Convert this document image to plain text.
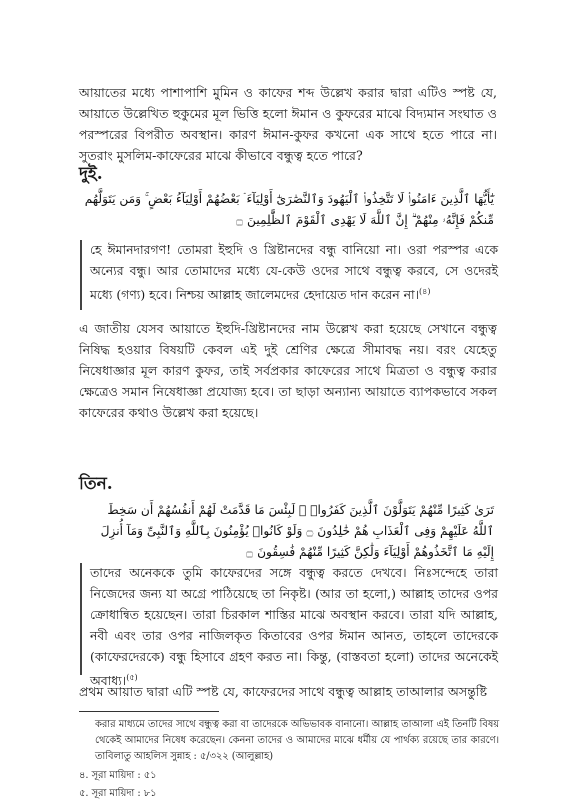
আয়াতের মধ্যে পাশাপাশি মুমিন ও কাফের শব্দ উল্লেখ করার দ্বারা এটিও স্পষ্ট যে, আয়াতে উল্লেখিত হুকুমের মূল ভিত্তি হলো ঈমান ও কুফরের মাঝে বিদ্যমান সংঘাত ও পরস্পরের বিপরীত অবস্থান। কারণ ঈমান-কুফর কখনো এক সাথে হতে পারে না। সুতরাং মুসলিম-কাফেরের মাঝে কীভাবে বন্ধুত্ব হতে পারে?

দুই.

يَٰٓأَيُّهَا ٱلَّذِينَ ءَامَنُوا۟ لَا تَتَّخِذُوا۟ ٱلْيَهُودَ وَٱلنَّصَٰرَىٰٓ أَوْلِيَآءَ ۘ بَعْضُهُمْ أَوْلِيَآءُ بَعْضٍ ۚ وَمَن يَتَوَلَّهُم مِّنكُمْ فَإِنَّهُۥ مِنْهُمْ ۗ إِنَّ ٱللَّهَ لَا يَهْدِى ٱلْقَوْمَ ٱلظَّٰلِمِينَ ۝

হে ঈমানদারগণ! তোমরা ইহুদি ও খ্রিষ্টানদের বন্ধু বানিয়ো না। ওরা পরস্পর একে অন্যের বন্ধু। আর তোমাদের মধ্যে যে-কেউ ওদের সাথে বন্ধুত্ব করবে, সে ওদেরই মধ্যে (গণ্য) হবে। নিশ্চয় আল্লাহ জালেমদের হেদায়েত দান করেন না।$^{(৪)}$

এ জাতীয় যেসব আয়াতে ইহুদি-খ্রিষ্টানদের নাম উল্লেখ করা হয়েছে সেখানে বন্ধুত্ব নিষিদ্ধ হওয়ার বিষয়টি কেবল এই দুই শ্রেণির ক্ষেত্রে সীমাবদ্ধ নয়। বরং যেহেতু নিষেধাজ্ঞার মূল কারণ কুফর, তাই সর্বপ্রকার কাফেরের সাথে মিত্রতা ও বন্ধুত্ব করার ক্ষেত্রেও সমান নিষেধাজ্ঞা প্রযোজ্য হবে। তা ছাড়া অন্যান্য আয়াতে ব্যাপকভাবে সকল কাফেরের কথাও উল্লেখ করা হয়েছে।

তিন.

تَرَىٰ كَثِيرًا مِّنْهُمْ يَتَوَلَّوْنَ ٱلَّذِينَ كَفَرُوا۟ ۚ لَبِئْسَ مَا قَدَّمَتْ لَهُمْ أَنفُسُهُمْ أَن سَخِطَ ٱللَّهُ عَلَيْهِمْ وَفِى ٱلْعَذَابِ هُمْ خَٰلِدُونَ ۝ وَلَوْ كَانُوا۟ يُؤْمِنُونَ بِٱللَّهِ وَٱلنَّبِىِّ وَمَآ أُنزِلَ إِلَيْهِ مَا ٱتَّخَذُوهُمْ أَوْلِيَآءَ وَلَٰكِنَّ كَثِيرًا مِّنْهُمْ فَٰسِقُونَ ۝

তাদের অনেককে তুমি কাফেরদের সঙ্গে বন্ধুত্ব করতে দেখবে। নিঃসন্দেহে তারা নিজেদের জন্য যা অগ্রে পাঠিয়েছে তা নিকৃষ্ট। (আর তা হলো,) আল্লাহ তাদের ওপর ক্রোধান্বিত হয়েছেন। তারা চিরকাল শাস্তির মাঝে অবস্থান করবে। তারা যদি আল্লাহ, নবী এবং তার ওপর নাজিলকৃত কিতাবের ওপর ঈমান আনত, তাহলে তাদেরকে (কাফেরদেরকে) বন্ধু হিসাবে গ্রহণ করত না। কিন্তু, (বাস্তবতা হলো) তাদের অনেকেই অবাধ্য।$^{(৫)}$

প্রথম আয়াত দ্বারা এটি স্পষ্ট যে, কাফেরদের সাথে বন্ধুত্ব আল্লাহ তাআলার অসন্তুষ্টি

করার মাধ্যমে তাদের সাথে বন্ধুত্ব করা বা তাদেরকে অভিভাবক বানানো। আল্লাহ তাআলা এই তিনটি বিষয় থেকেই আমাদের নিষেধ করেছেন। কেননা তাদের ও আমাদের মাঝে ধর্মীয় যে পার্থক্য রয়েছে তার কারণে। তাবিলাতু আহলিস সুন্নাহ : ৫/৩২২ (আলুল্লাহ)

৪. সূরা মায়িদা : ৫১

৫. সূরা মায়িদা : ৮১
